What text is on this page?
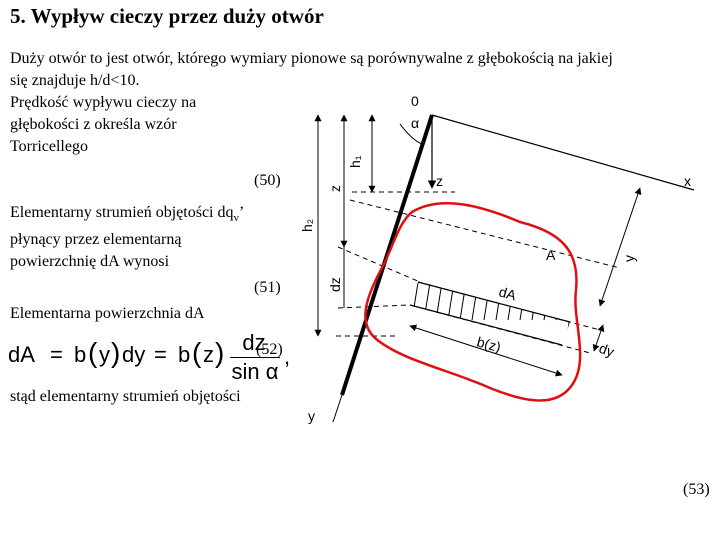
5. Wypływ cieczy przez duży otwór
Duży otwór to jest otwór, którego wymiary pionowe są porównywalne z głębokością na jakiej
się znajduje h/d<10.
Prędkość wypływu cieczy na
głębokości z określa wzór
Torricellego
(50)
Elementarny strumień objętości $dq_v$’
płynący przez elementarną
powierzchnię dA wynosi
(51)
Elementarna powierzchnia dA
dA = b ( y ) dy = b ( z ) dz
sin α
,
(52)
stąd elementarny strumień objętości
(53)
0
α
h₁
z
h₂
dz
z	x
y
A
dA
b(z)	dy
y
